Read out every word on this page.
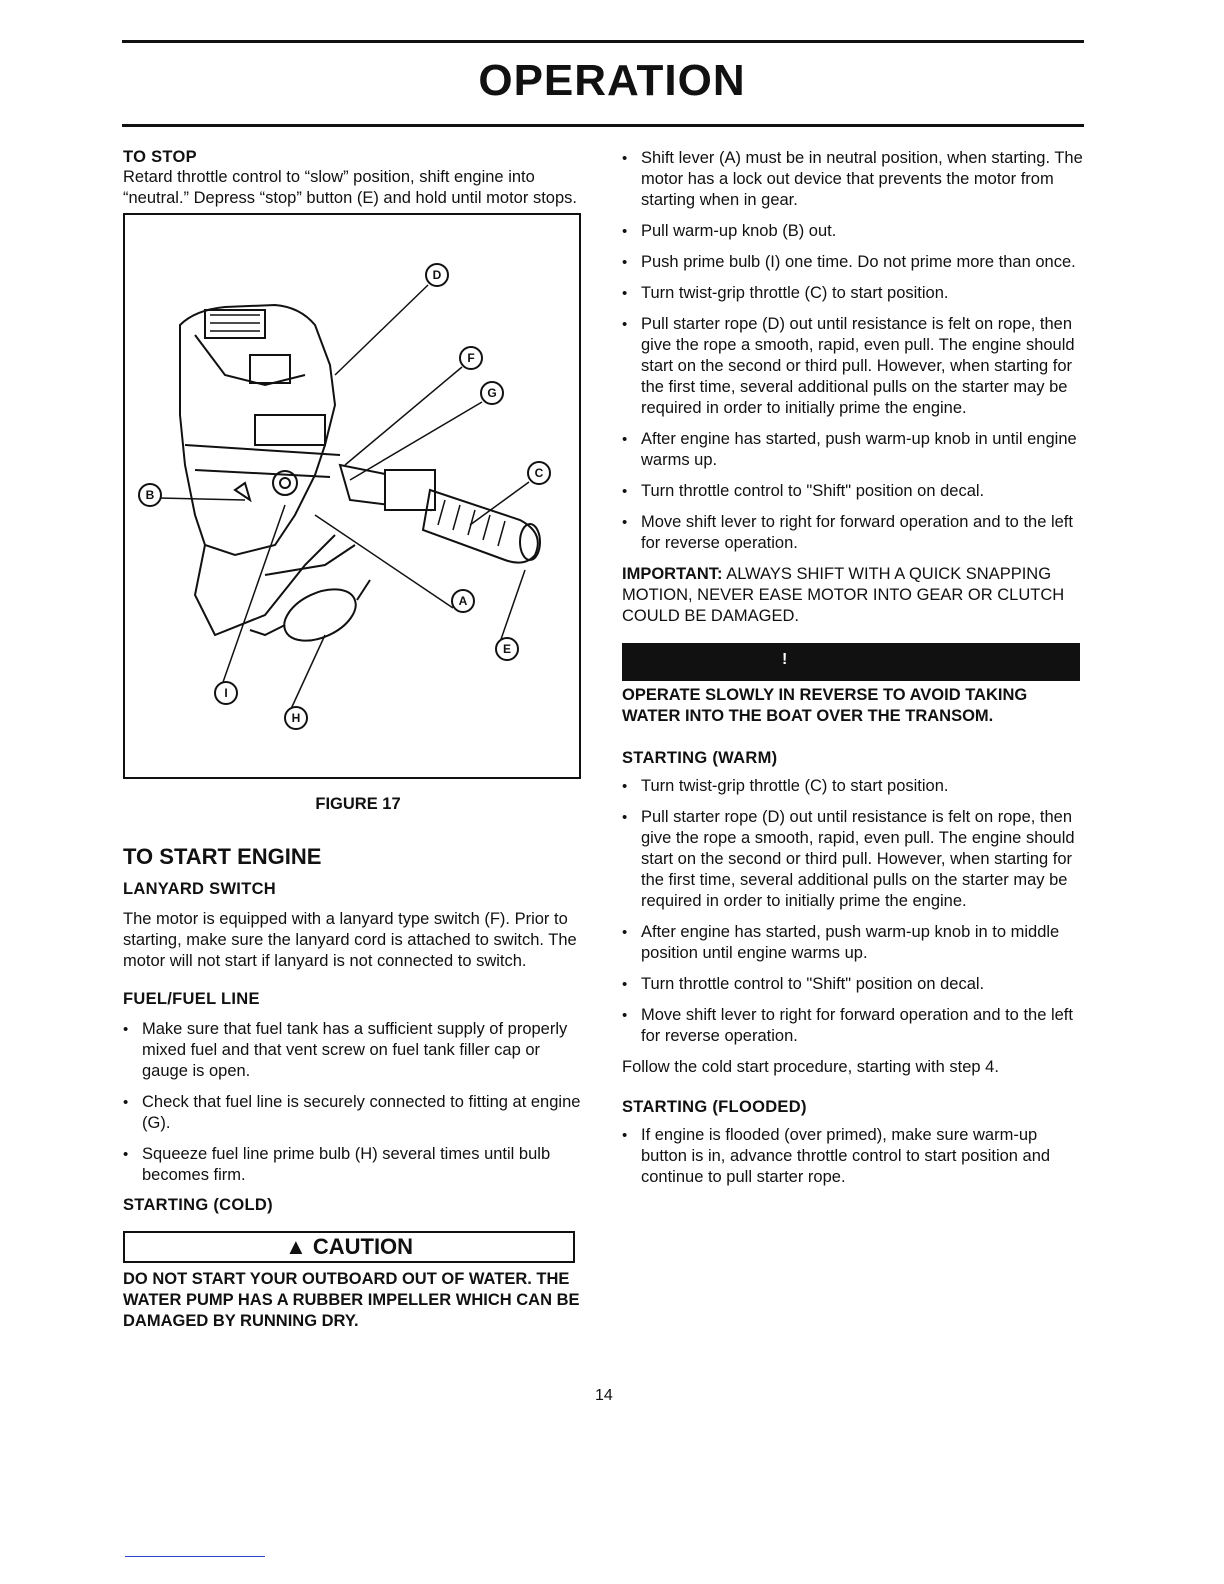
OPERATION

TO STOP

Retard throttle control to “slow” position, shift engine into “neutral.” Depress “stop” button (E) and hold until motor stops.

D
F
G
C
B
A
E
I
H
FIGURE 17

TO START ENGINE

LANYARD SWITCH

The motor is equipped with a lanyard type switch (F). Prior to starting, make sure the lanyard cord is attached to switch. The motor will not start if lanyard is not connected to switch.

FUEL/FUEL LINE

• Make sure that fuel tank has a sufficient supply of properly mixed fuel and that vent screw on fuel tank filler cap or gauge is open.
• Check that fuel line is securely connected to fitting at engine (G).
• Squeeze fuel line prime bulb (H) several times until bulb becomes firm.

STARTING (COLD)

▲ CAUTION

DO NOT START YOUR OUTBOARD OUT OF WATER. THE WATER PUMP HAS A RUBBER IMPELLER WHICH CAN BE DAMAGED BY RUNNING DRY.

• Shift lever (A) must be in neutral position, when starting. The motor has a lock out device that prevents the motor from starting when in gear.
• Pull warm-up knob (B) out.
• Push prime bulb (I) one time. Do not prime more than once.
• Turn twist-grip throttle (C) to start position.
• Pull starter rope (D) out until resistance is felt on rope, then give the rope a smooth, rapid, even pull. The engine should start on the second or third pull. However, when starting for the first time, several additional pulls on the starter may be required in order to initially prime the engine.
• After engine has started, push warm-up knob in until engine warms up.
• Turn throttle control to "Shift" position on decal.
• Move shift lever to right for forward operation and to the left for reverse operation.

IMPORTANT: ALWAYS SHIFT WITH A QUICK SNAPPING MOTION, NEVER EASE MOTOR INTO GEAR OR CLUTCH COULD BE DAMAGED.

!

OPERATE SLOWLY IN REVERSE TO AVOID TAKING WATER INTO THE BOAT OVER THE TRANSOM.

STARTING (WARM)

• Turn twist-grip throttle (C) to start position.
• Pull starter rope (D) out until resistance is felt on rope, then give the rope a smooth, rapid, even pull. The engine should start on the second or third pull. However, when starting for the first time, several additional pulls on the starter may be required in order to initially prime the engine.
• After engine has started, push warm-up knob in to middle position until engine warms up.
• Turn throttle control to "Shift" position on decal.
• Move shift lever to right for forward operation and to the left for reverse operation.

Follow the cold start procedure, starting with step 4.

STARTING (FLOODED)

• If engine is flooded (over primed), make sure warm-up button is in, advance throttle control to start position and continue to pull starter rope.
14
